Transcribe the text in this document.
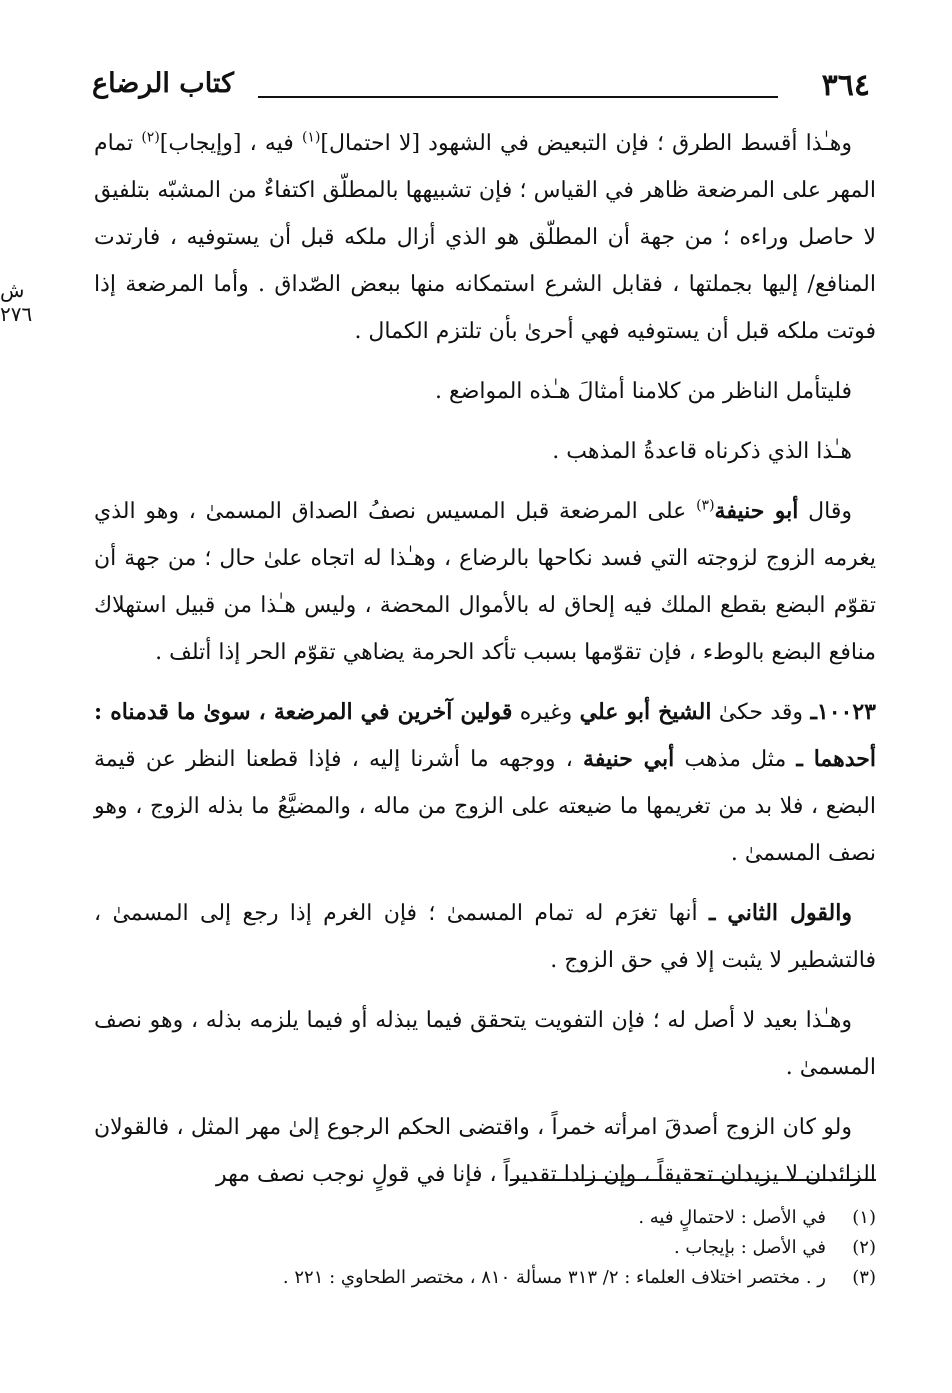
٣٦٤
كتاب الرضاع
ش ٢٧٦

وهـٰذا أقسط الطرق ؛ فإن التبعيض في الشهود [لا احتمال]$^{(١)}$ فيه ، [وإيجاب]$^{(٢)}$ تمام المهر على المرضعة ظاهر في القياس ؛ فإن تشبيهها بالمطلّق اكتفاءٌ من المشبّه بتلفيق لا حاصل وراءه ؛ من جهة أن المطلّق هو الذي أزال ملكه قبل أن يستوفيه ، فارتدت المنافع/ إليها بجملتها ، فقابل الشرع استمكانه منها ببعض الصّداق . وأما المرضعة إذا فوتت ملكه قبل أن يستوفيه فهي أحرىٰ بأن تلتزم الكمال .

فليتأمل الناظر من كلامنا أمثالَ هـٰذه المواضع .

هـٰذا الذي ذكرناه قاعدةُ المذهب .

وقال أبو حنيفة$^{(٣)}$ على المرضعة قبل المسيس نصفُ الصداق المسمىٰ ، وهو الذي يغرمه الزوج لزوجته التي فسد نكاحها بالرضاع ، وهـٰذا له اتجاه علىٰ حال ؛ من جهة أن تقوّم البضع بقطع الملك فيه إلحاق له بالأموال المحضة ، وليس هـٰذا من قبيل استهلاك منافع البضع بالوطء ، فإن تقوّمها بسبب تأكد الحرمة يضاهي تقوّم الحر إذا أتلف .

١٠٠٢٣ـ وقد حكىٰ الشيخ أبو علي وغيره قولين آخرين في المرضعة ، سوىٰ ما قدمناه : أحدهما ـ مثل مذهب أبي حنيفة ، ووجهه ما أشرنا إليه ، فإذا قطعنا النظر عن قيمة البضع ، فلا بد من تغريمها ما ضيعته على الزوج من ماله ، والمضيَّعُ ما بذله الزوج ، وهو نصف المسمىٰ .

والقول الثاني ـ أنها تغرَم له تمام المسمىٰ ؛ فإن الغرم إذا رجع إلى المسمىٰ ، فالتشطير لا يثبت إلا في حق الزوج .

وهـٰذا بعيد لا أصل له ؛ فإن التفويت يتحقق فيما يبذله أو فيما يلزمه بذله ، وهو نصف المسمىٰ .

ولو كان الزوج أصدقَ امرأته خمراً ، واقتضى الحكم الرجوع إلىٰ مهر المثل ، فالقولان الزائدان لا يزيدان تحقيقاً ، وإن زادا تقديراً ، فإنا في قولٍ نوجب نصف مهر

(١)
في الأصل : لاحتمالٍ فيه .
(٢)
في الأصل : بإيجاب .
(٣)
ر . مختصر اختلاف العلماء : ٢/ ٣١٣ مسألة ٨١٠ ، مختصر الطحاوي : ٢٢١ .
